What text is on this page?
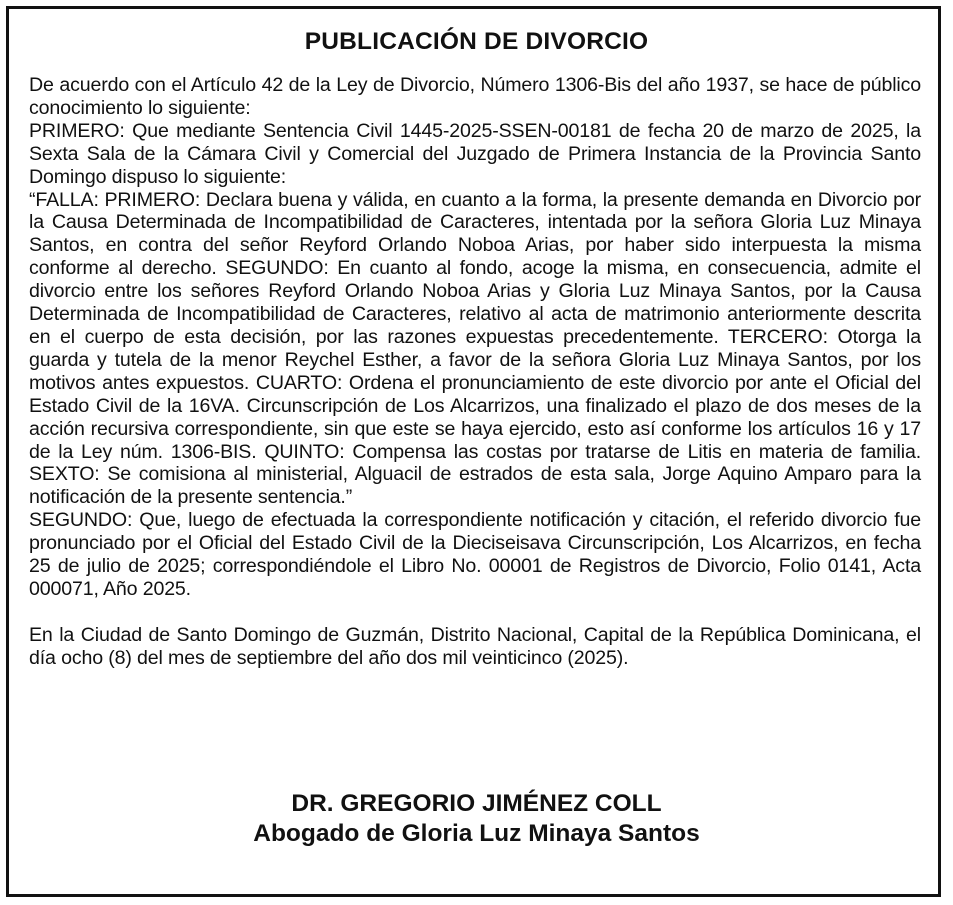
PUBLICACIÓN DE DIVORCIO

De acuerdo con el Artículo 42 de la Ley de Divorcio, Número 1306-Bis del año 1937, se hace de público conocimiento lo siguiente:

PRIMERO: Que mediante Sentencia Civil 1445-2025-SSEN-00181 de fecha 20 de marzo de 2025, la Sexta Sala de la Cámara Civil y Comercial del Juzgado de Primera Instancia de la Provincia Santo Domingo dispuso lo siguiente:

“FALLA: PRIMERO: Declara buena y válida, en cuanto a la forma, la presente demanda en Divorcio por la Causa Determinada de Incompatibilidad de Caracteres, intentada por la señora Gloria Luz Minaya Santos, en contra del señor Reyford Orlando Noboa Arias, por haber sido interpuesta la misma conforme al derecho. SEGUNDO: En cuanto al fondo, acoge la misma, en consecuencia, admite el divorcio entre los señores Reyford Orlando Noboa Arias y Gloria Luz Minaya Santos, por la Causa Determinada de Incompatibilidad de Caracteres, relativo al acta de matrimonio anteriormente descrita en el cuerpo de esta decisión, por las razones expuestas precedentemente. TERCERO: Otorga la guarda y tutela de la menor Reychel Esther, a favor de la señora Gloria Luz Minaya Santos, por los motivos antes expuestos. CUARTO: Ordena el pronunciamiento de este divorcio por ante el Oficial del Estado Civil de la 16VA. Circunscripción de Los Alcarrizos, una finalizado el plazo de dos meses de la acción recursiva correspondiente, sin que este se haya ejercido, esto así conforme los artículos 16 y 17 de la Ley núm. 1306-BIS. QUINTO: Compensa las costas por tratarse de Litis en materia de familia. SEXTO: Se comisiona al ministerial, Alguacil de estrados de esta sala, Jorge Aquino Amparo para la notificación de la presente sentencia.”

SEGUNDO: Que, luego de efectuada la correspondiente notificación y citación, el referido divorcio fue pronunciado por el Oficial del Estado Civil de la Dieciseisava Circunscripción, Los Alcarrizos, en fecha 25 de julio de 2025; correspondiéndole el Libro No. 00001 de Registros de Divorcio, Folio 0141, Acta 000071, Año 2025.

En la Ciudad de Santo Domingo de Guzmán, Distrito Nacional, Capital de la República Dominicana, el día ocho (8) del mes de septiembre del año dos mil veinticinco (2025).

DR. GREGORIO JIMÉNEZ COLL
Abogado de Gloria Luz Minaya Santos
